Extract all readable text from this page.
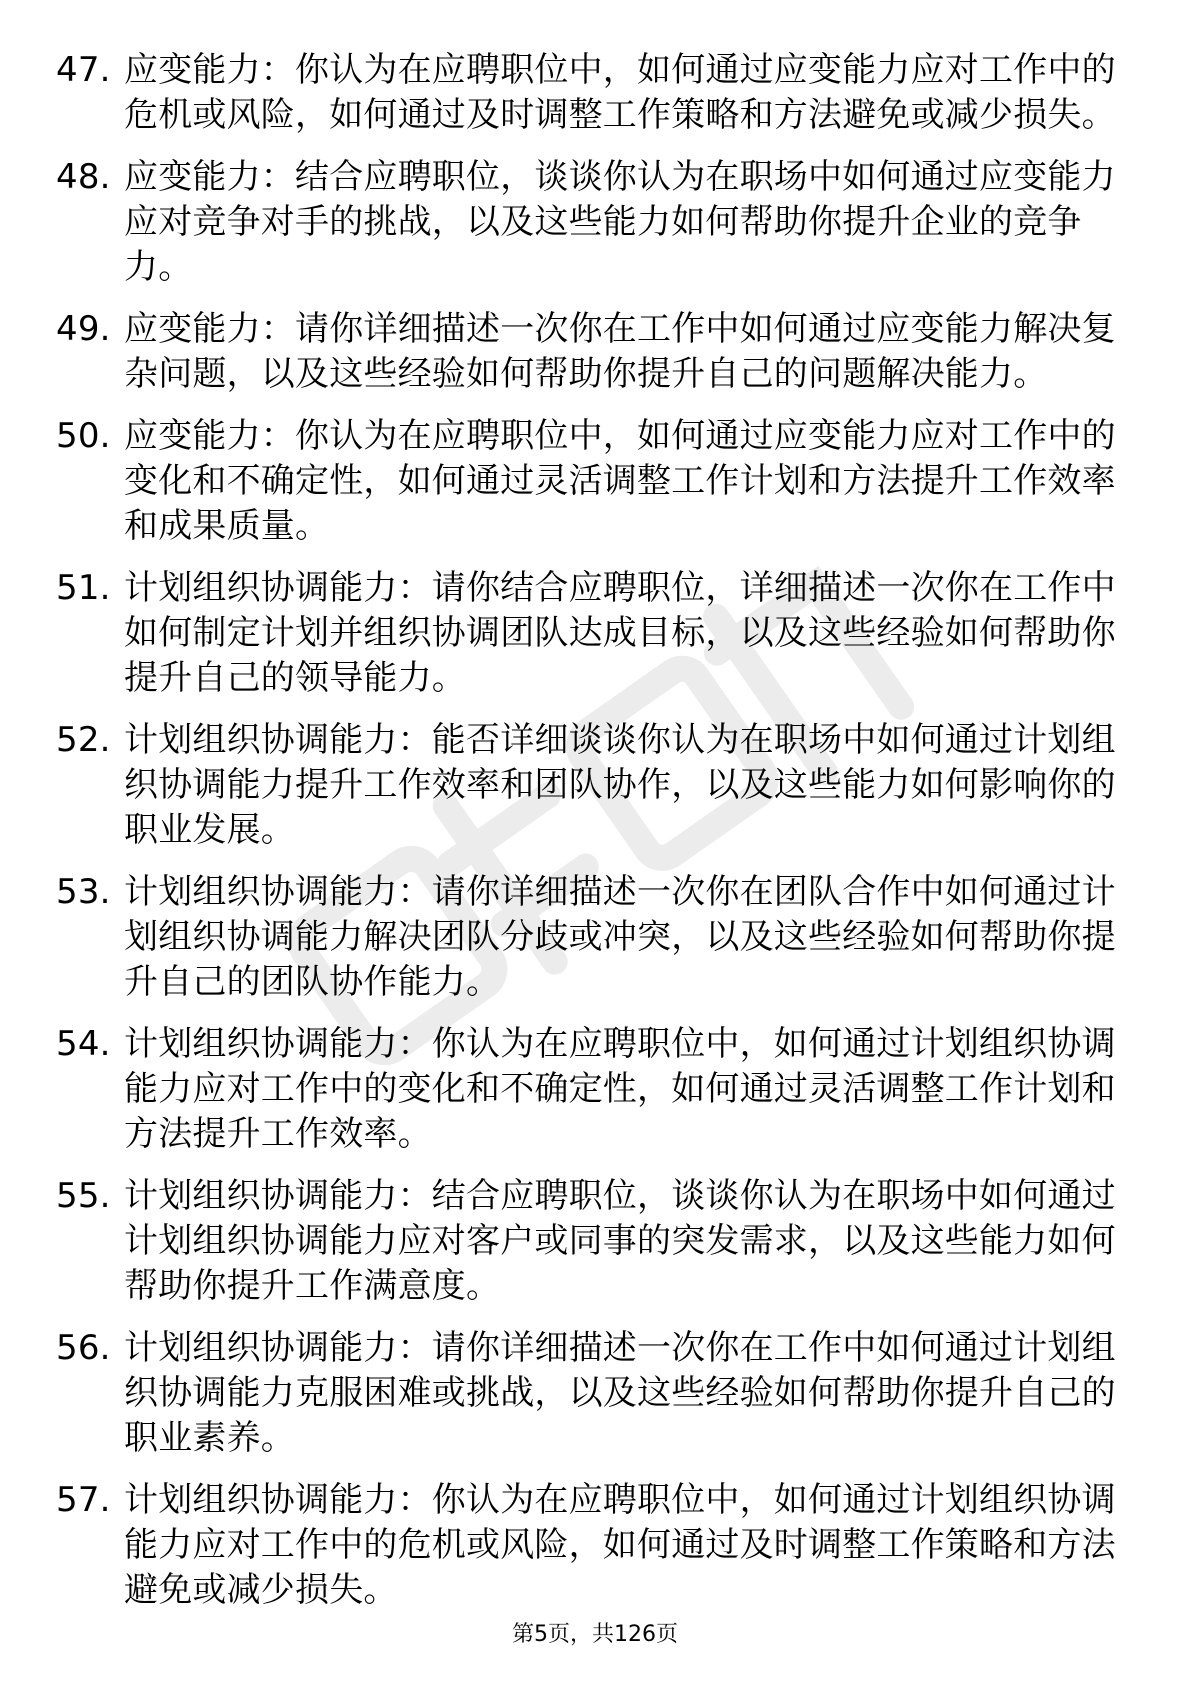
47. 应变能力：你认为在应聘职位中，如何通过应变能力应对工作中的危机或风险，如何通过及时调整工作策略和方法避免或减少损失。
48. 应变能力：结合应聘职位，谈谈你认为在职场中如何通过应变能力应对竞争对手的挑战，以及这些能力如何帮助你提升企业的竞争力。
49. 应变能力：请你详细描述一次你在工作中如何通过应变能力解决复杂问题，以及这些经验如何帮助你提升自己的问题解决能力。
50. 应变能力：你认为在应聘职位中，如何通过应变能力应对工作中的变化和不确定性，如何通过灵活调整工作计划和方法提升工作效率和成果质量。
51. 计划组织协调能力：请你结合应聘职位，详细描述一次你在工作中如何制定计划并组织协调团队达成目标，以及这些经验如何帮助你提升自己的领导能力。
52. 计划组织协调能力：能否详细谈谈你认为在职场中如何通过计划组织协调能力提升工作效率和团队协作，以及这些能力如何影响你的职业发展。
53. 计划组织协调能力：请你详细描述一次你在团队合作中如何通过计划组织协调能力解决团队分歧或冲突，以及这些经验如何帮助你提升自己的团队协作能力。
54. 计划组织协调能力：你认为在应聘职位中，如何通过计划组织协调能力应对工作中的变化和不确定性，如何通过灵活调整工作计划和方法提升工作效率。
55. 计划组织协调能力：结合应聘职位，谈谈你认为在职场中如何通过计划组织协调能力应对客户或同事的突发需求，以及这些能力如何帮助你提升工作满意度。
56. 计划组织协调能力：请你详细描述一次你在工作中如何通过计划组织协调能力克服困难或挑战，以及这些经验如何帮助你提升自己的职业素养。
57. 计划组织协调能力：你认为在应聘职位中，如何通过计划组织协调能力应对工作中的危机或风险，如何通过及时调整工作策略和方法避免或减少损失。
第5页，共126页
